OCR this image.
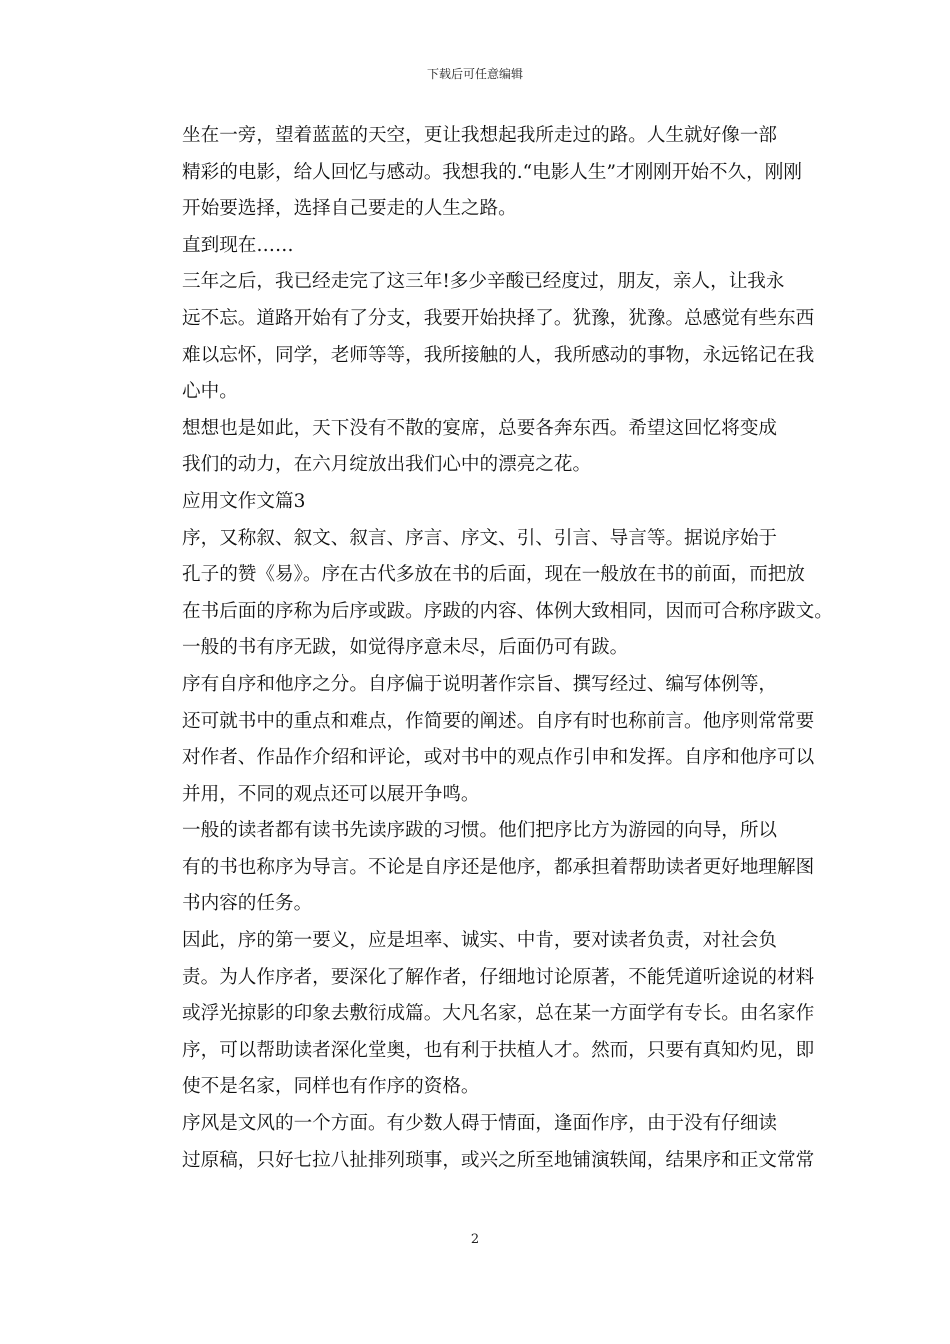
下载后可任意编辑

坐在一旁，望着蓝蓝的天空，更让我想起我所走过的路。人生就好像一部
精彩的电影，给人回忆与感动。我想我的.“电影人生”才刚刚开始不久，刚刚
开始要选择，选择自己要走的人生之路。

直到现在……

三年之后，我已经走完了这三年!多少辛酸已经度过，朋友，亲人，让我永
远不忘。道路开始有了分支，我要开始抉择了。犹豫，犹豫。总感觉有些东西
难以忘怀，同学，老师等等，我所接触的人，我所感动的事物，永远铭记在我
心中。

想想也是如此，天下没有不散的宴席，总要各奔东西。希望这回忆将变成
我们的动力，在六月绽放出我们心中的漂亮之花。

应用文作文篇3

序，又称叙、叙文、叙言、序言、序文、引、引言、导言等。据说序始于
孔子的赞《易》。序在古代多放在书的后面，现在一般放在书的前面，而把放
在书后面的序称为后序或跋。序跋的内容、体例大致相同，因而可合称序跋文。
一般的书有序无跋，如觉得序意未尽，后面仍可有跋。

序有自序和他序之分。自序偏于说明著作宗旨、撰写经过、编写体例等，
还可就书中的重点和难点，作简要的阐述。自序有时也称前言。他序则常常要
对作者、作品作介绍和评论，或对书中的观点作引申和发挥。自序和他序可以
并用，不同的观点还可以展开争鸣。

一般的读者都有读书先读序跋的习惯。他们把序比方为游园的向导，所以
有的书也称序为导言。不论是自序还是他序，都承担着帮助读者更好地理解图
书内容的任务。

因此，序的第一要义，应是坦率、诚实、中肯，要对读者负责，对社会负
责。为人作序者，要深化了解作者，仔细地讨论原著，不能凭道听途说的材料
或浮光掠影的印象去敷衍成篇。大凡名家，总在某一方面学有专长。由名家作
序，可以帮助读者深化堂奥，也有利于扶植人才。然而，只要有真知灼见，即
使不是名家，同样也有作序的资格。

序风是文风的一个方面。有少数人碍于情面，逢面作序，由于没有仔细读
过原稿，只好七拉八扯排列琐事，或兴之所至地铺演轶闻，结果序和正文常常

2
